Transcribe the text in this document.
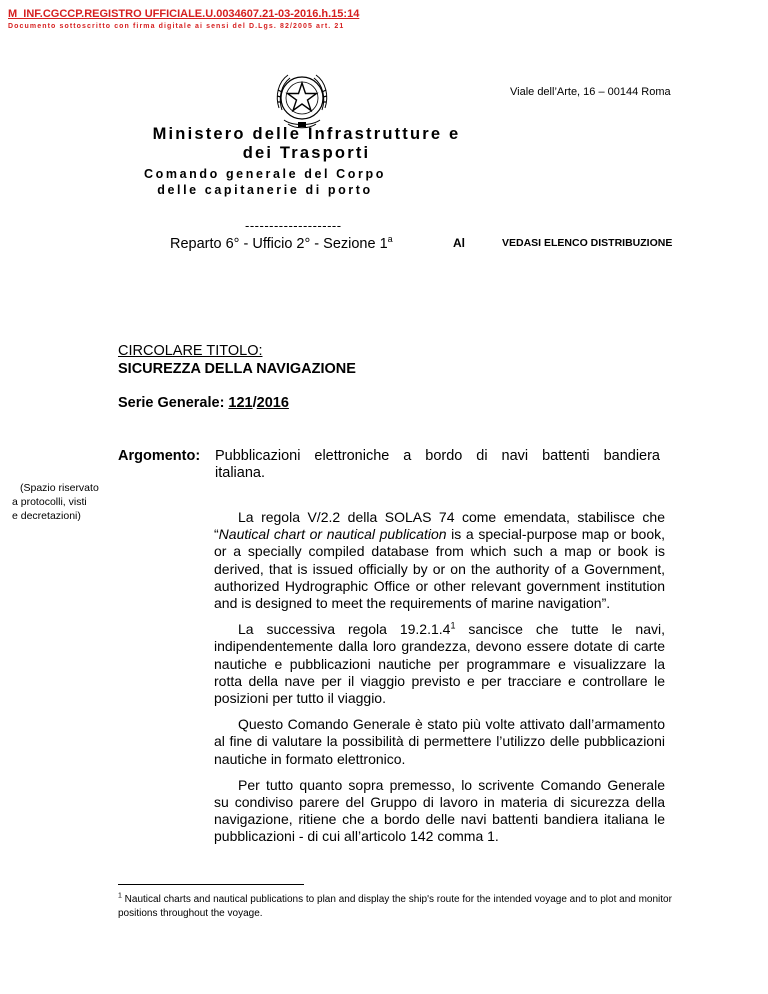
M_INF.CGCCP.REGISTRO UFFICIALE.U.0034607.21-03-2016.h.15:14
Documento sottoscritto con firma digitale ai sensi del D.Lgs. 82/2005 art. 21
Viale dell’Arte, 16 – 00144 Roma
Ministero delle Infrastrutture e
dei Trasporti
Comando generale del Corpo
delle capitanerie di porto
--------------------
Reparto 6° - Ufficio 2° - Sezione 1$^a$	Al	VEDASI ELENCO DISTRIBUZIONE
CIRCOLARE TITOLO:
SICUREZZA DELLA NAVIGAZIONE
Serie Generale: 121/2016
Argomento: Pubblicazioni elettroniche a bordo di navi battenti bandiera
italiana.
(Spazio riservato
a protocolli, visti
e decretazioni)	La regola V/2.2 della SOLAS 74 come emendata, stabilisce che “Nautical chart or nautical publication is a special-purpose map or book, or a specially compiled database from which such a map or book is derived, that is issued officially by or on the authority of a Government, authorized Hydrographic Office or other relevant government institution and is designed to meet the requirements of marine navigation”.

La successiva regola 19.2.1.4$^1$ sancisce che tutte le navi, indipendentemente dalla loro grandezza, devono essere dotate di carte nautiche e pubblicazioni nautiche per programmare e visualizzare la rotta della nave per il viaggio previsto e per tracciare e controllare le posizioni per tutto il viaggio.

Questo Comando Generale è stato più volte attivato dall’armamento al fine di valutare la possibilità di permettere l’utilizzo delle pubblicazioni nautiche in formato elettronico.

Per tutto quanto sopra premesso, lo scrivente Comando Generale su condiviso parere del Gruppo di lavoro in materia di sicurezza della navigazione, ritiene che a bordo delle navi battenti bandiera italiana le pubblicazioni - di cui all’articolo 142 comma 1.

$^1$ Nautical charts and nautical publications to plan and display the ship's route for the intended voyage and to plot and monitor positions throughout the voyage.
